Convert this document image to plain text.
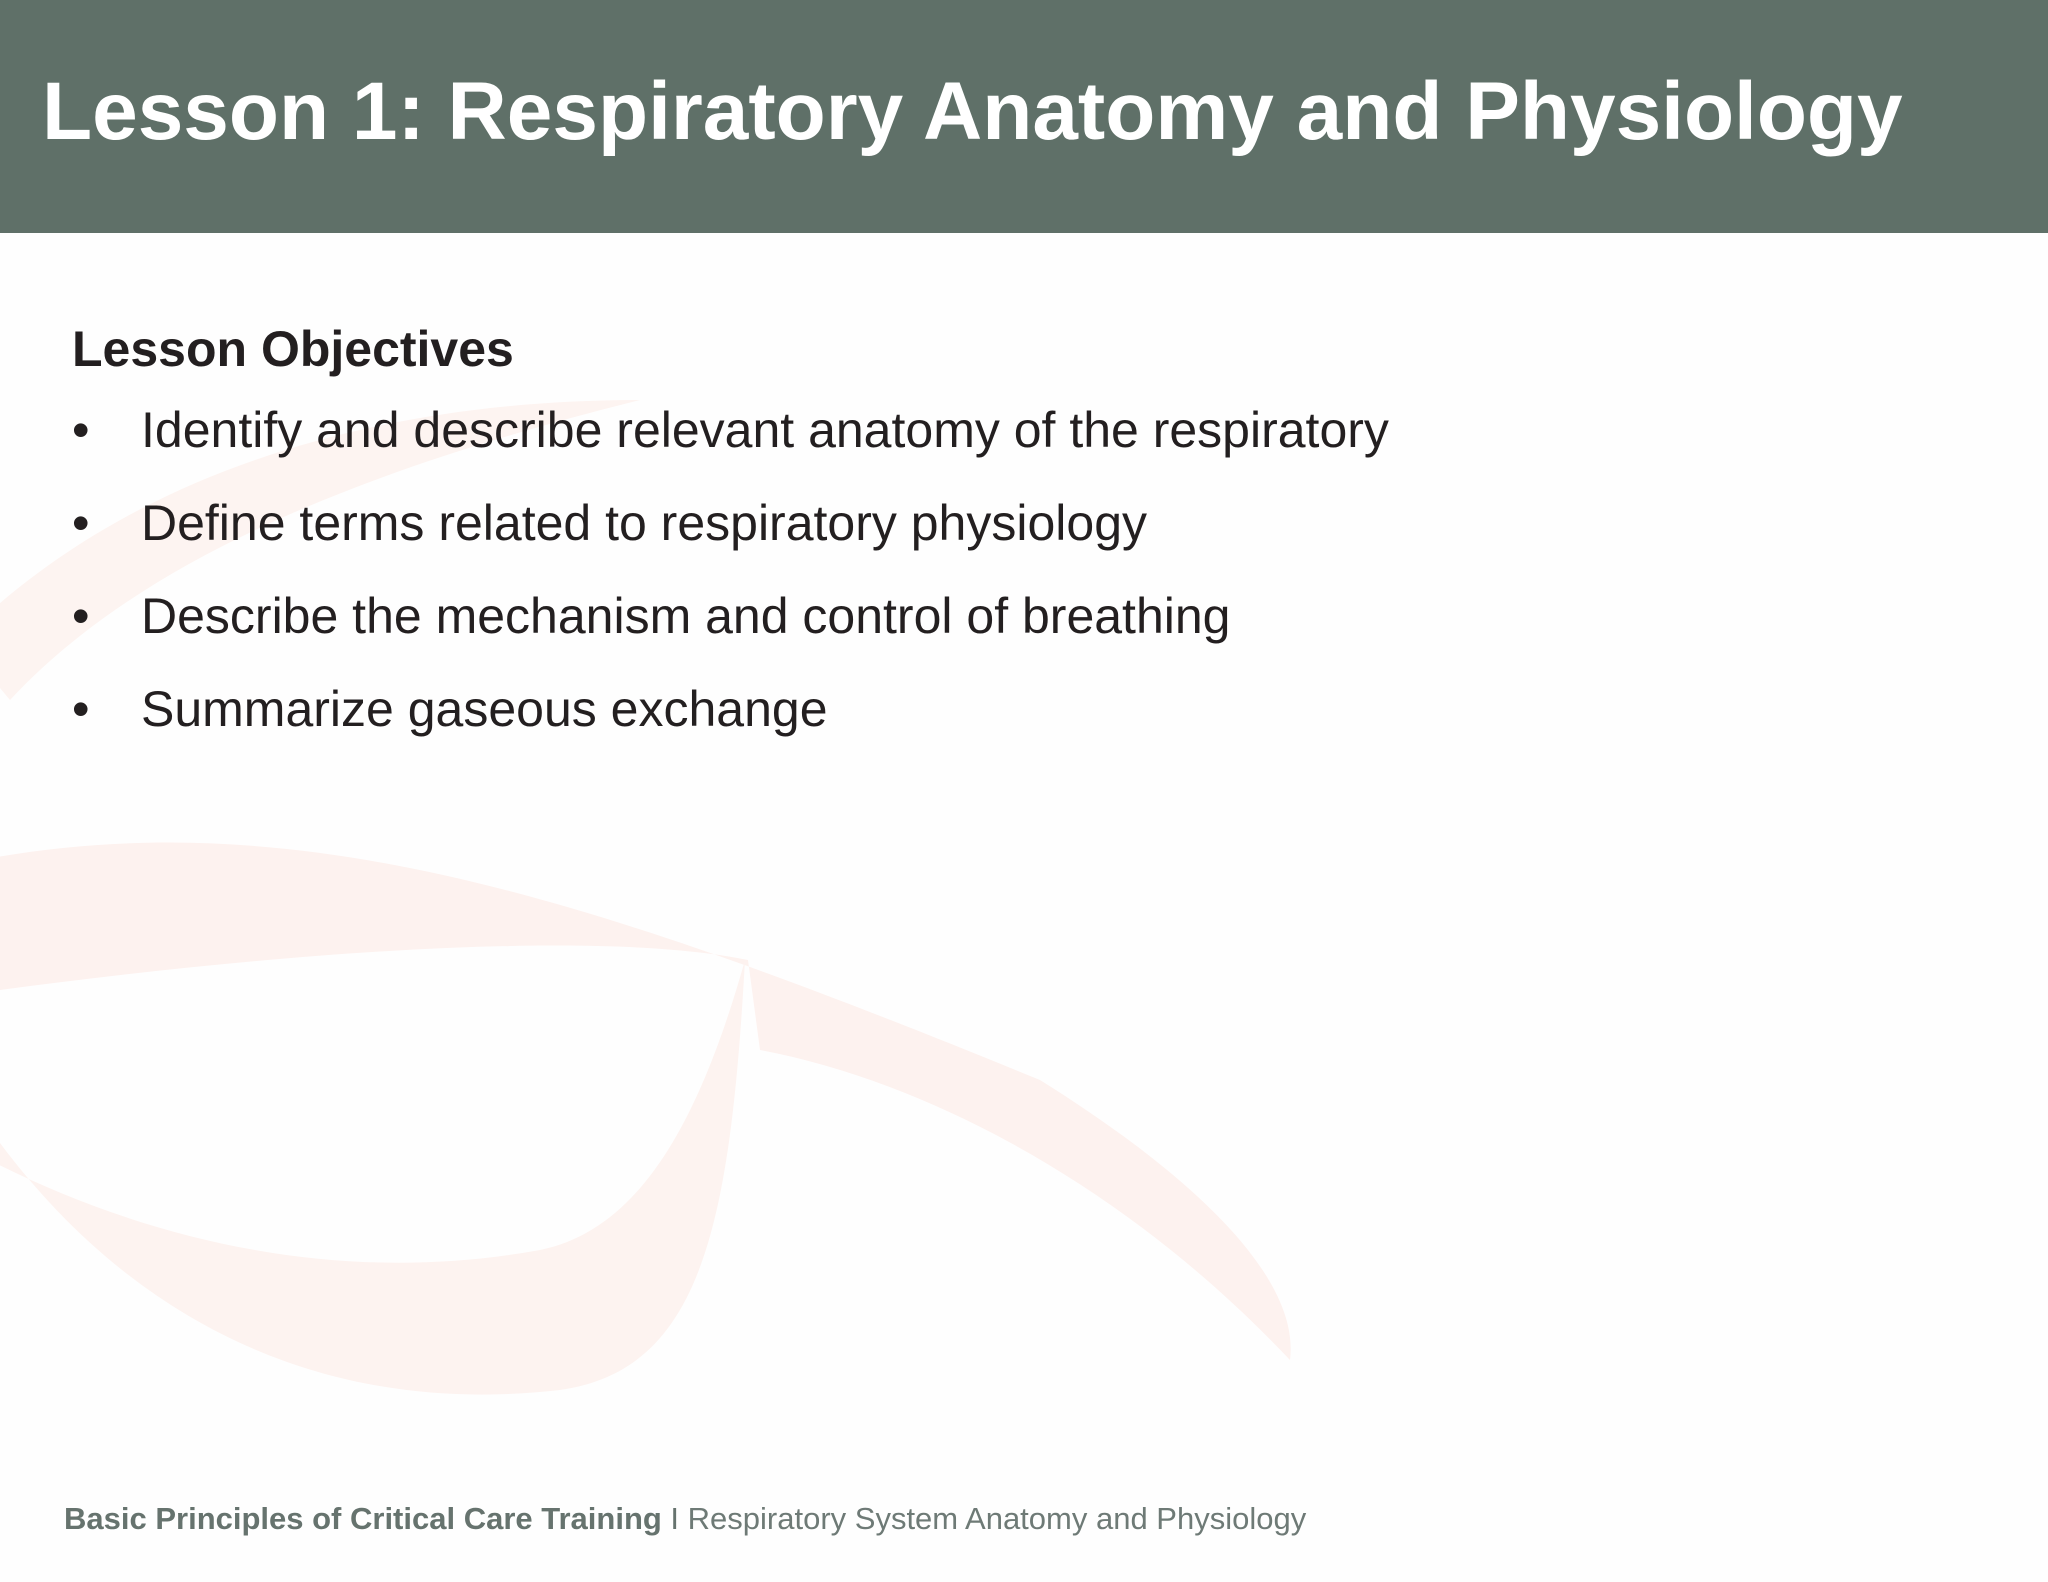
Lesson 1: Respiratory Anatomy and Physiology
Lesson Objectives
•	Identify and describe relevant anatomy of the respiratory
•	Define terms related to respiratory physiology
•	Describe the mechanism and control of breathing
•	Summarize gaseous exchange
Basic Principles of Critical Care Training I Respiratory System Anatomy and Physiology
